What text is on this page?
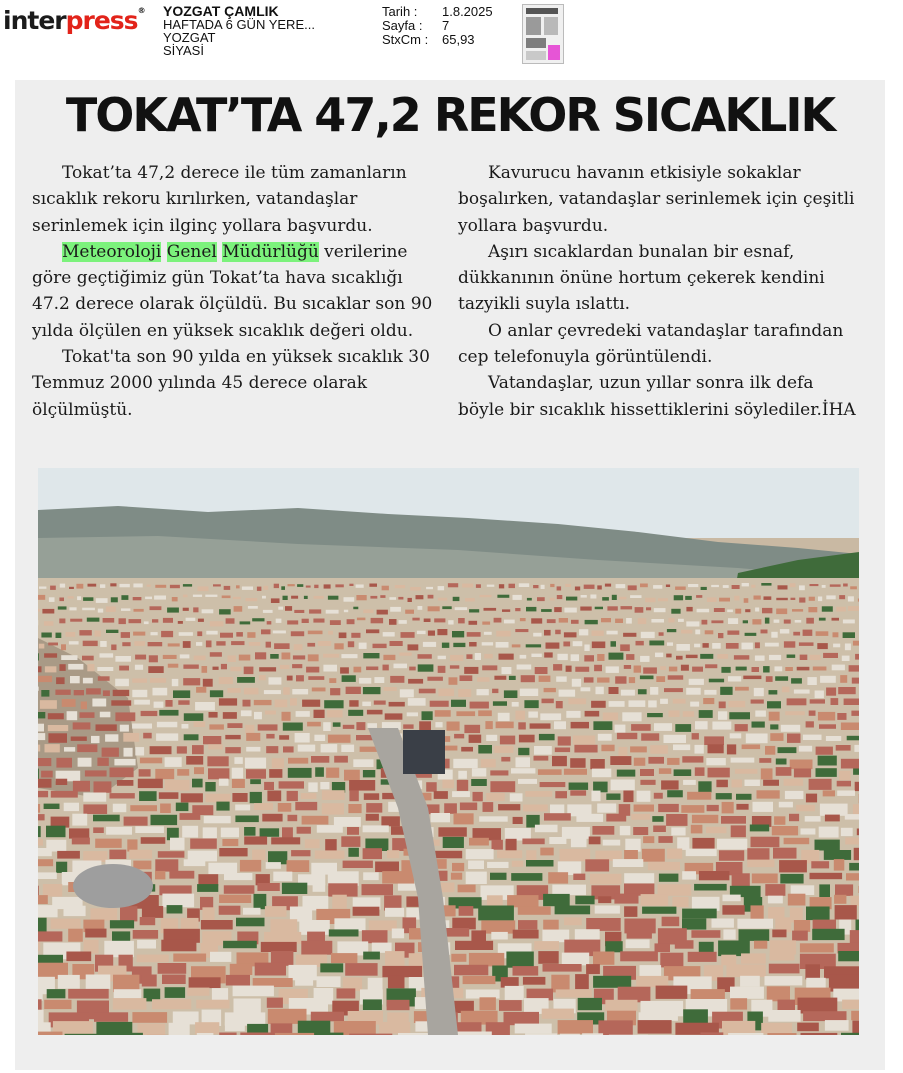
interpress® YOZGAT ÇAMLIK
HAFTADA 6 GÜN YERE...
YOZGAT
SİYASİ
Tarih :	1.8.2025
Sayfa :	7
StxCm :	65,93
TOKAT’TA 47,2 REKOR SICAKLIK

Tokat’ta 47,2 derece ile tüm zamanların sıcaklık rekoru kırılırken, vatandaşlar serinlemek için ilginç yollara başvurdu.

Meteoroloji Genel Müdürlüğü verilerine göre geçtiğimiz gün Tokat’ta hava sıcaklığı 47.2 derece olarak ölçüldü. Bu sıcaklar son 90 yılda ölçülen en yüksek sıcaklık değeri oldu.

Tokat'ta son 90 yılda en yüksek sıcaklık 30 Temmuz 2000 yılında 45 derece olarak ölçülmüştü.

Kavurucu havanın etkisiyle sokaklar boşalırken, vatandaşlar serinlemek için çeşitli yollara başvurdu.

Aşırı sıcaklardan bunalan bir esnaf, dükkanının önüne hortum çekerek kendini tazyikli suyla ıslattı.

O anlar çevredeki vatandaşlar tarafından cep telefonuyla görüntülendi.

Vatandaşlar, uzun yıllar sonra ilk defa böyle bir sıcaklık hissettiklerini söylediler.İHA
